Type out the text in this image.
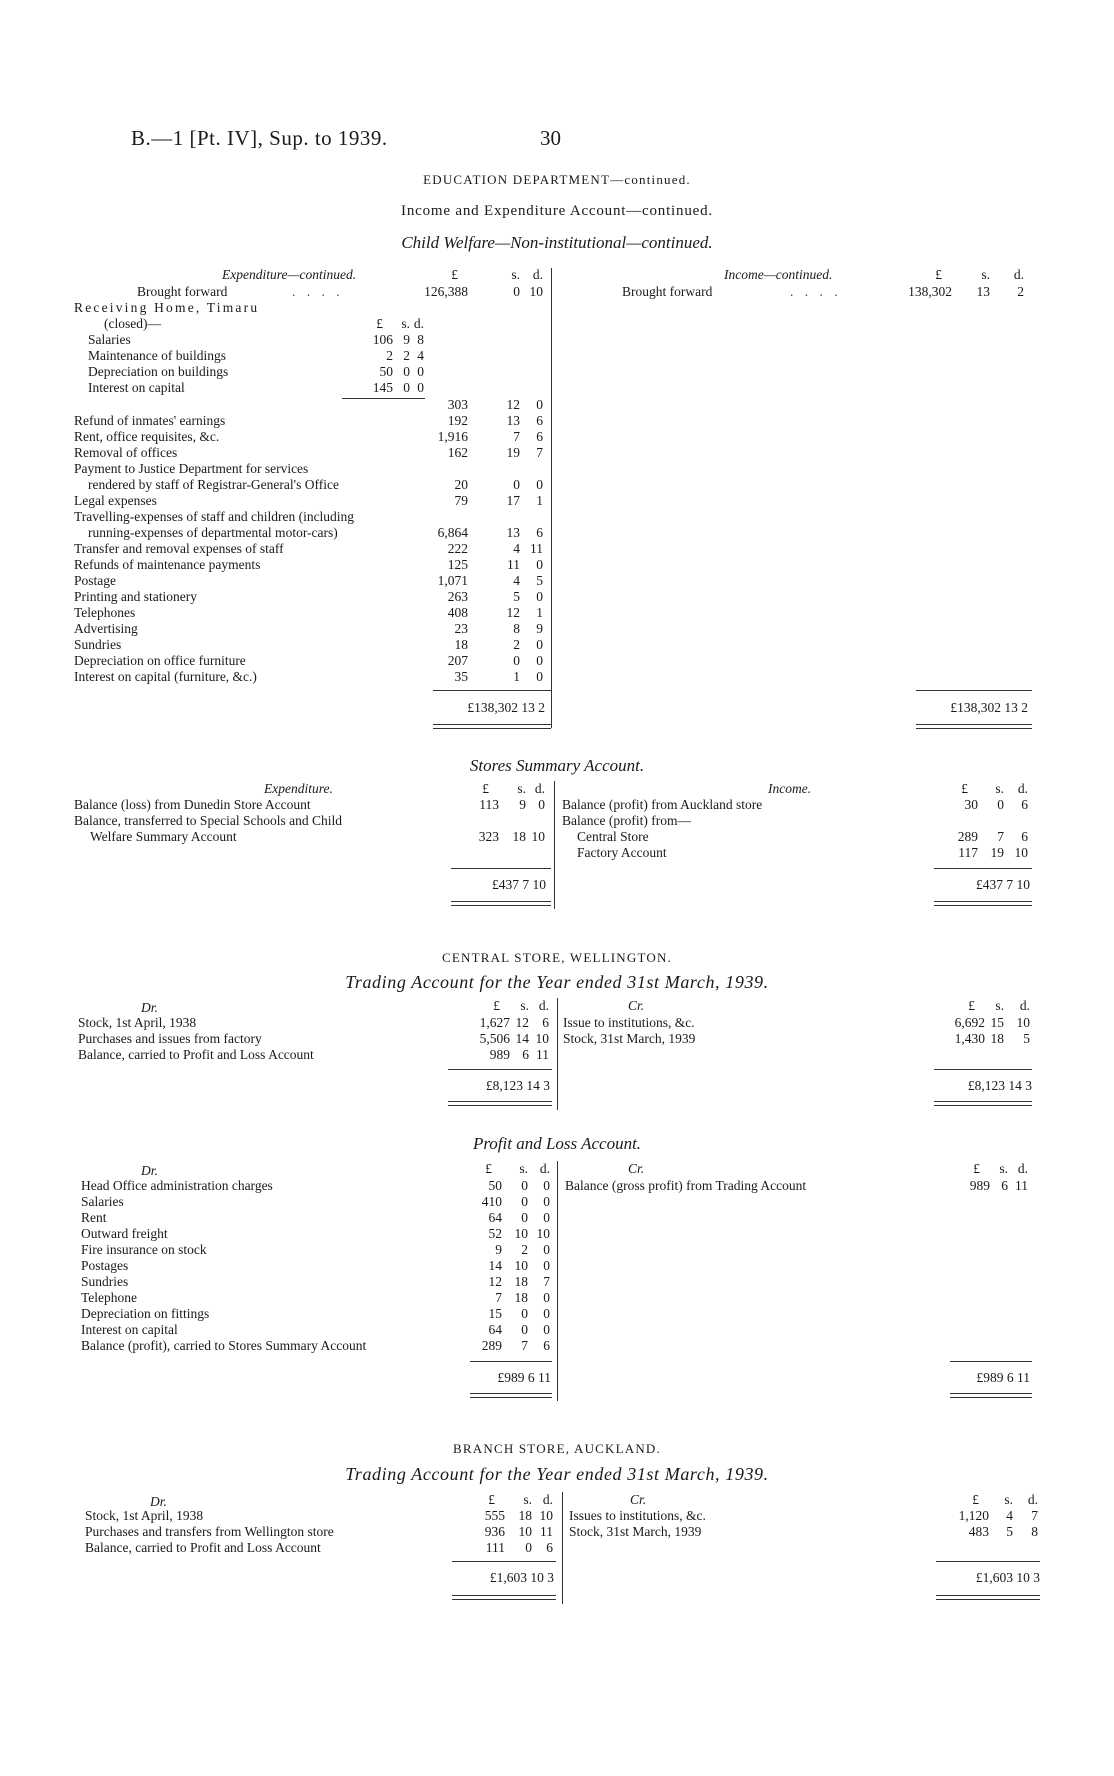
B.—1 [Pt. IV], Sup. to 1939.	30
EDUCATION DEPARTMENT—continued.
Income and Expenditure Account—continued.
Child Welfare—Non-institutional—continued.
Expenditure—continued.	£	s. d.	Income—continued.	£	s.	d.
Brought forward	. . . .	126,388	0 10	Brought forward	. . . .	138,302	13	2
Receiving Home, Timaru
(closed)—	£	s. d.
Salaries	106 9 8
Maintenance of buildings	2 2 4
Depreciation on buildings	50 0 0
Interest on capital	145 0 0
303	12	0
Refund of inmates' earnings	192	13	6
Rent, office requisites, &c.	1,916	7	6
Removal of offices	162	19	7
Payment to Justice Department for services
rendered by staff of Registrar-General's Office	20	0	0
Legal expenses	79	17	1
Travelling-expenses of staff and children (including
running-expenses of departmental motor-cars)	6,864	13	6
Transfer and removal expenses of staff	222	4 11
Refunds of maintenance payments	125	11	0
Postage	1,071	4	5
Printing and stationery	263	5	0
Telephones	408	12	1
Advertising	23	8	9
Sundries	18	2	0
Depreciation on office furniture	207	0	0
Interest on capital (furniture, &c.)	35	1	0
£138,302 13 2	£138,302 13 2
Stores Summary Account.
Expenditure.	£	s. d.	Income.	£	s.	d.
Balance (loss) from Dunedin Store Account	113	9 0
Balance, transferred to Special Schools and Child
Welfare Summary Account	323	18 10
Balance (profit) from Auckland store	30	0	6
Balance (profit) from—
Central Store	289	7	6
Factory Account	117 19 10
£437 7 10	£437 7 10
CENTRAL STORE, WELLINGTON.
Trading Account for the Year ended 31st March, 1939.
Dr.	£	s. d.	Cr.	£	s.	d.
Stock, 1st April, 1938	1,627 12 6
Purchases and issues from factory	5,506 14 10
Balance, carried to Profit and Loss Account	989 6 11
Issue to institutions, &c.	6,692 15 10
Stock, 31st March, 1939	1,430 18	5
£8,123 14 3	£8,123 14 3
Profit and Loss Account.
Dr.	£	s. d.	Cr.	£	s. d.
Head Office administration charges	50	0	0
Salaries	410	0	0
Rent	64	0	0
Outward freight	52 10 10
Fire insurance on stock	9	2	0
Postages	14 10	0
Sundries	12 18	7
Telephone	7 18	0
Depreciation on fittings	15	0	0
Interest on capital	64	0	0
Balance (profit), carried to Stores Summary Account	289	7	6
Balance (gross profit) from Trading Account	989 6 11
£989 6 11	£989 6 11
BRANCH STORE, AUCKLAND.
Trading Account for the Year ended 31st March, 1939.
Dr.	£	s. d.	Cr.	£	s.	d.
Stock, 1st April, 1938	555	18 10
Purchases and transfers from Wellington store	936	10 11
Balance, carried to Profit and Loss Account	111	0	6
Issues to institutions, &c.	1,120	4	7
Stock, 31st March, 1939	483	5	8
£1,603 10 3	£1,603 10 3
